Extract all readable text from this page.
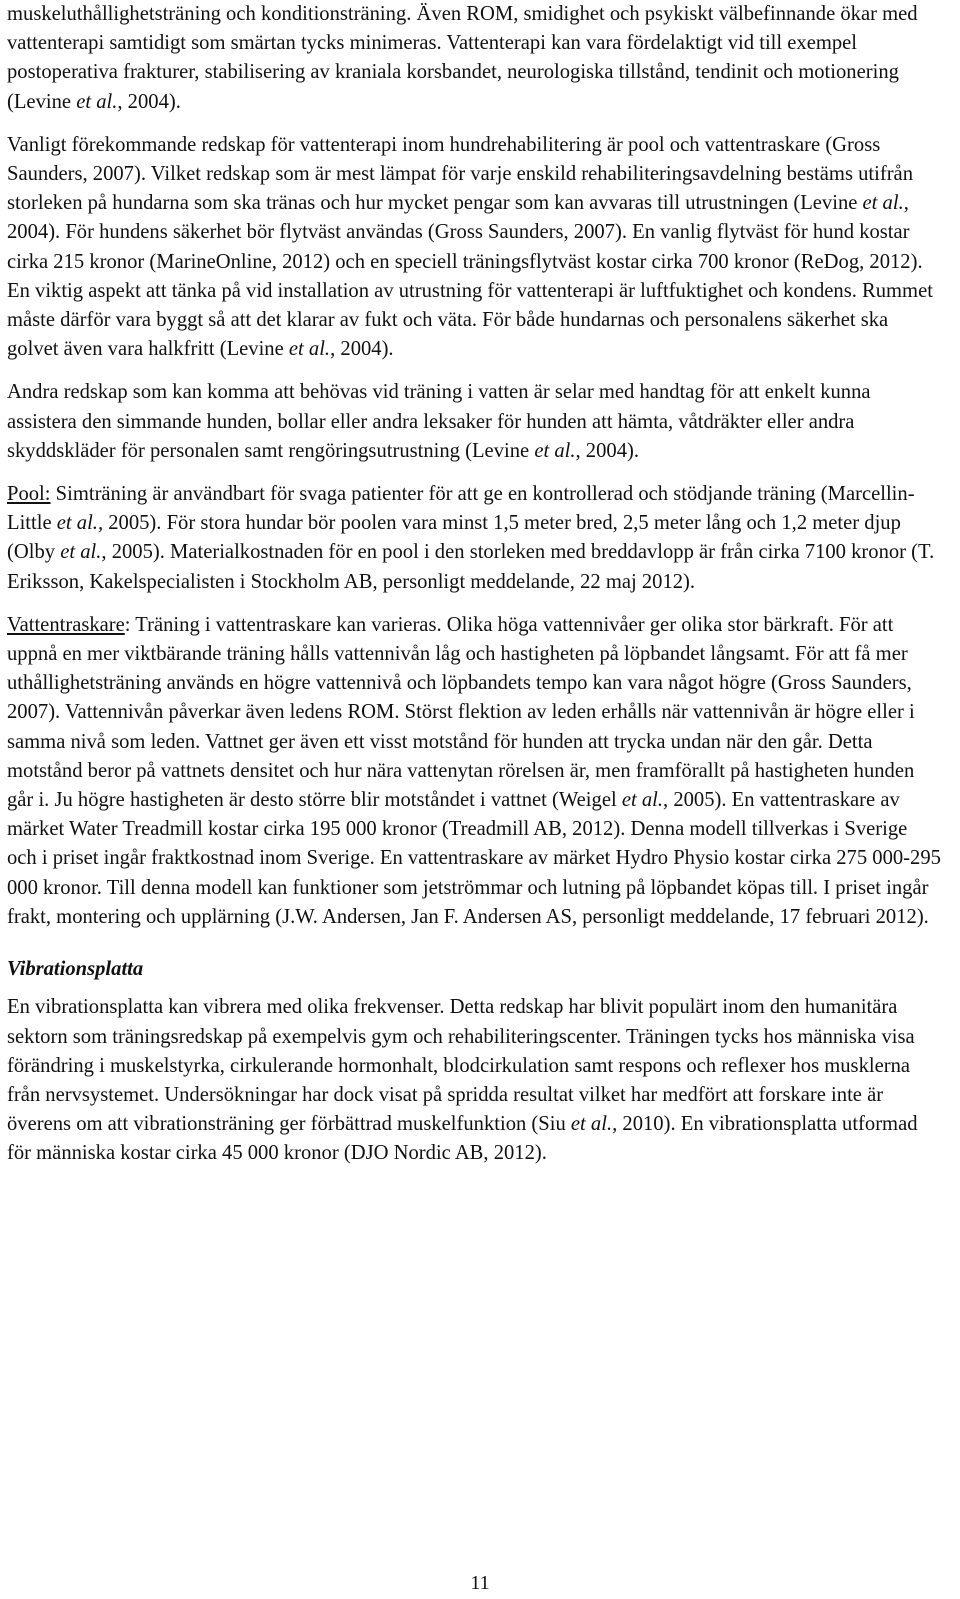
muskeluthållighetsträning och konditionsträning. Även ROM, smidighet och psykiskt välbefinnande ökar med vattenterapi samtidigt som smärtan tycks minimeras. Vattenterapi kan vara fördelaktigt vid till exempel postoperativa frakturer, stabilisering av kraniala korsbandet, neurologiska tillstånd, tendinit och motionering (Levine et al., 2004).

Vanligt förekommande redskap för vattenterapi inom hundrehabilitering är pool och vattentraskare (Gross Saunders, 2007). Vilket redskap som är mest lämpat för varje enskild rehabiliteringsavdelning bestäms utifrån storleken på hundarna som ska tränas och hur mycket pengar som kan avvaras till utrustningen (Levine et al., 2004). För hundens säkerhet bör flytväst användas (Gross Saunders, 2007). En vanlig flytväst för hund kostar cirka 215 kronor (MarineOnline, 2012) och en speciell träningsflytväst kostar cirka 700 kronor (ReDog, 2012). En viktig aspekt att tänka på vid installation av utrustning för vattenterapi är luftfuktighet och kondens. Rummet måste därför vara byggt så att det klarar av fukt och väta. För både hundarnas och personalens säkerhet ska golvet även vara halkfritt (Levine et al., 2004).

Andra redskap som kan komma att behövas vid träning i vatten är selar med handtag för att enkelt kunna assistera den simmande hunden, bollar eller andra leksaker för hunden att hämta, våtdräkter eller andra skyddskläder för personalen samt rengöringsutrustning (Levine et al., 2004).

Pool: Simträning är användbart för svaga patienter för att ge en kontrollerad och stödjande träning (Marcellin-Little et al., 2005). För stora hundar bör poolen vara minst 1,5 meter bred, 2,5 meter lång och 1,2 meter djup (Olby et al., 2005). Materialkostnaden för en pool i den storleken med breddavlopp är från cirka 7100 kronor (T. Eriksson, Kakelspecialisten i Stockholm AB, personligt meddelande, 22 maj 2012).

Vattentraskare: Träning i vattentraskare kan varieras. Olika höga vattennivåer ger olika stor bärkraft. För att uppnå en mer viktbärande träning hålls vattennivån låg och hastigheten på löpbandet långsamt. För att få mer uthållighetsträning används en högre vattennivå och löpbandets tempo kan vara något högre (Gross Saunders, 2007). Vattennivån påverkar även ledens ROM. Störst flektion av leden erhålls när vattennivån är högre eller i samma nivå som leden. Vattnet ger även ett visst motstånd för hunden att trycka undan när den går. Detta motstånd beror på vattnets densitet och hur nära vattenytan rörelsen är, men framförallt på hastigheten hunden går i. Ju högre hastigheten är desto större blir motståndet i vattnet (Weigel et al., 2005). En vattentraskare av märket Water Treadmill kostar cirka 195 000 kronor (Treadmill AB, 2012). Denna modell tillverkas i Sverige och i priset ingår fraktkostnad inom Sverige. En vattentraskare av märket Hydro Physio kostar cirka 275 000-295 000 kronor. Till denna modell kan funktioner som jetströmmar och lutning på löpbandet köpas till. I priset ingår frakt, montering och upplärning (J.W. Andersen, Jan F. Andersen AS, personligt meddelande, 17 februari 2012).

Vibrationsplatta

En vibrationsplatta kan vibrera med olika frekvenser. Detta redskap har blivit populärt inom den humanitära sektorn som träningsredskap på exempelvis gym och rehabiliteringscenter. Träningen tycks hos människa visa förändring i muskelstyrka, cirkulerande hormonhalt, blodcirkulation samt respons och reflexer hos musklerna från nervsystemet. Undersökningar har dock visat på spridda resultat vilket har medfört att forskare inte är överens om att vibrationsträning ger förbättrad muskelfunktion (Siu et al., 2010). En vibrationsplatta utformad för människa kostar cirka 45 000 kronor (DJO Nordic AB, 2012).

11
